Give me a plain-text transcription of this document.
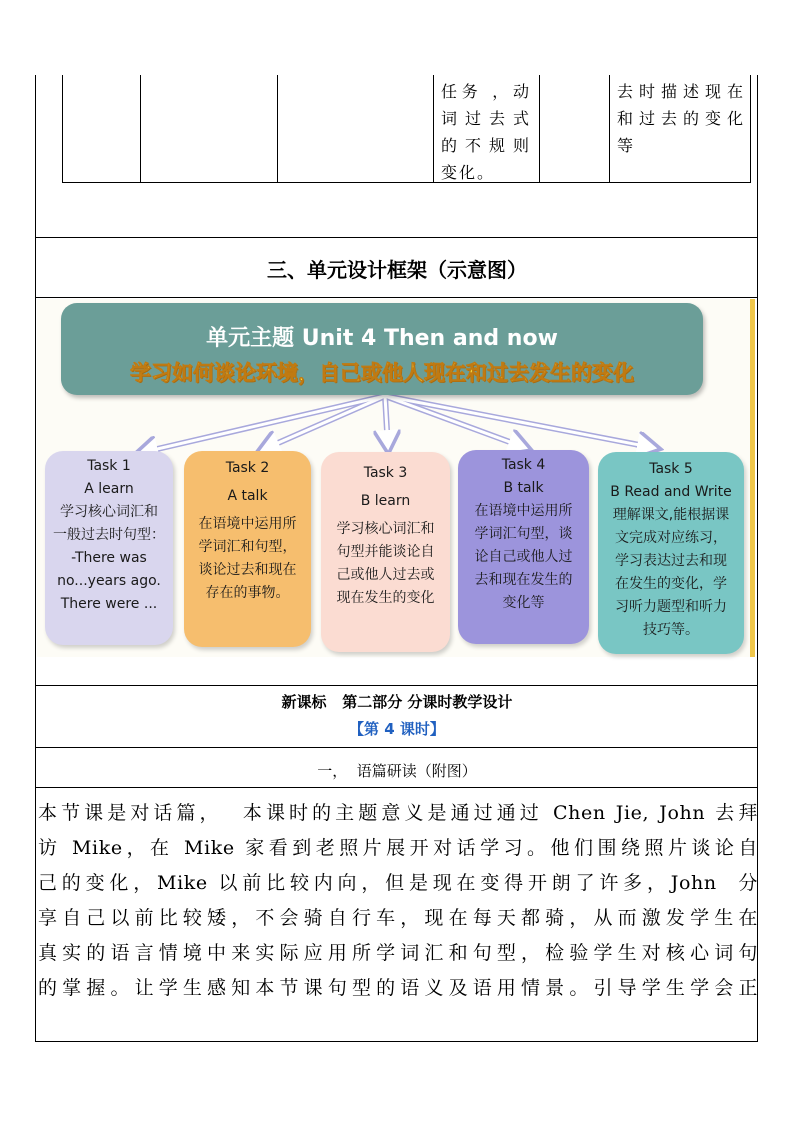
任务 ，动
词过去式
的不规则
变化。
去时描述现在
和过去的变化
等
三、单元设计框架（示意图）
单元主题 Unit 4 Then and now
学习如何谈论环境，自己或他人现在和过去发生的变化
Task 1
A learn
学习核心词汇和
一般过去时句型：
-There was
no...years ago.
There were ...
Task 2
A talk
在语境中运用所
学词汇和句型，
谈论过去和现在
存在的事物。
Task 3
B learn
学习核心词汇和
句型并能谈论自
己或他人过去或
现在发生的变化
Task 4
B talk
在语境中运用所
学词汇句型，谈
论自己或他人过
去和现在发生的
变化等
Task 5
B Read and Write
理解课文,能根据课
文完成对应练习，
学习表达过去和现
在发生的变化，学
习听力题型和听力
技巧等。
新课标   第二部分 分课时教学设计
【第 4 课时】
一，  语篇研读（附图）
本节课是对话篇，  本课时的主题意义是通过通过 Chen Jie, John 去拜
访 Mike，在 Mike 家看到老照片展开对话学习。他们围绕照片谈论自
己的变化，Mike 以前比较内向，但是现在变得开朗了许多，John  分
享自己以前比较矮，不会骑自行车，现在每天都骑，从而激发学生在
真实的语言情境中来实际应用所学词汇和句型，检验学生对核心词句
的掌握。让学生感知本节课句型的语义及语用情景。引导学生学会正
